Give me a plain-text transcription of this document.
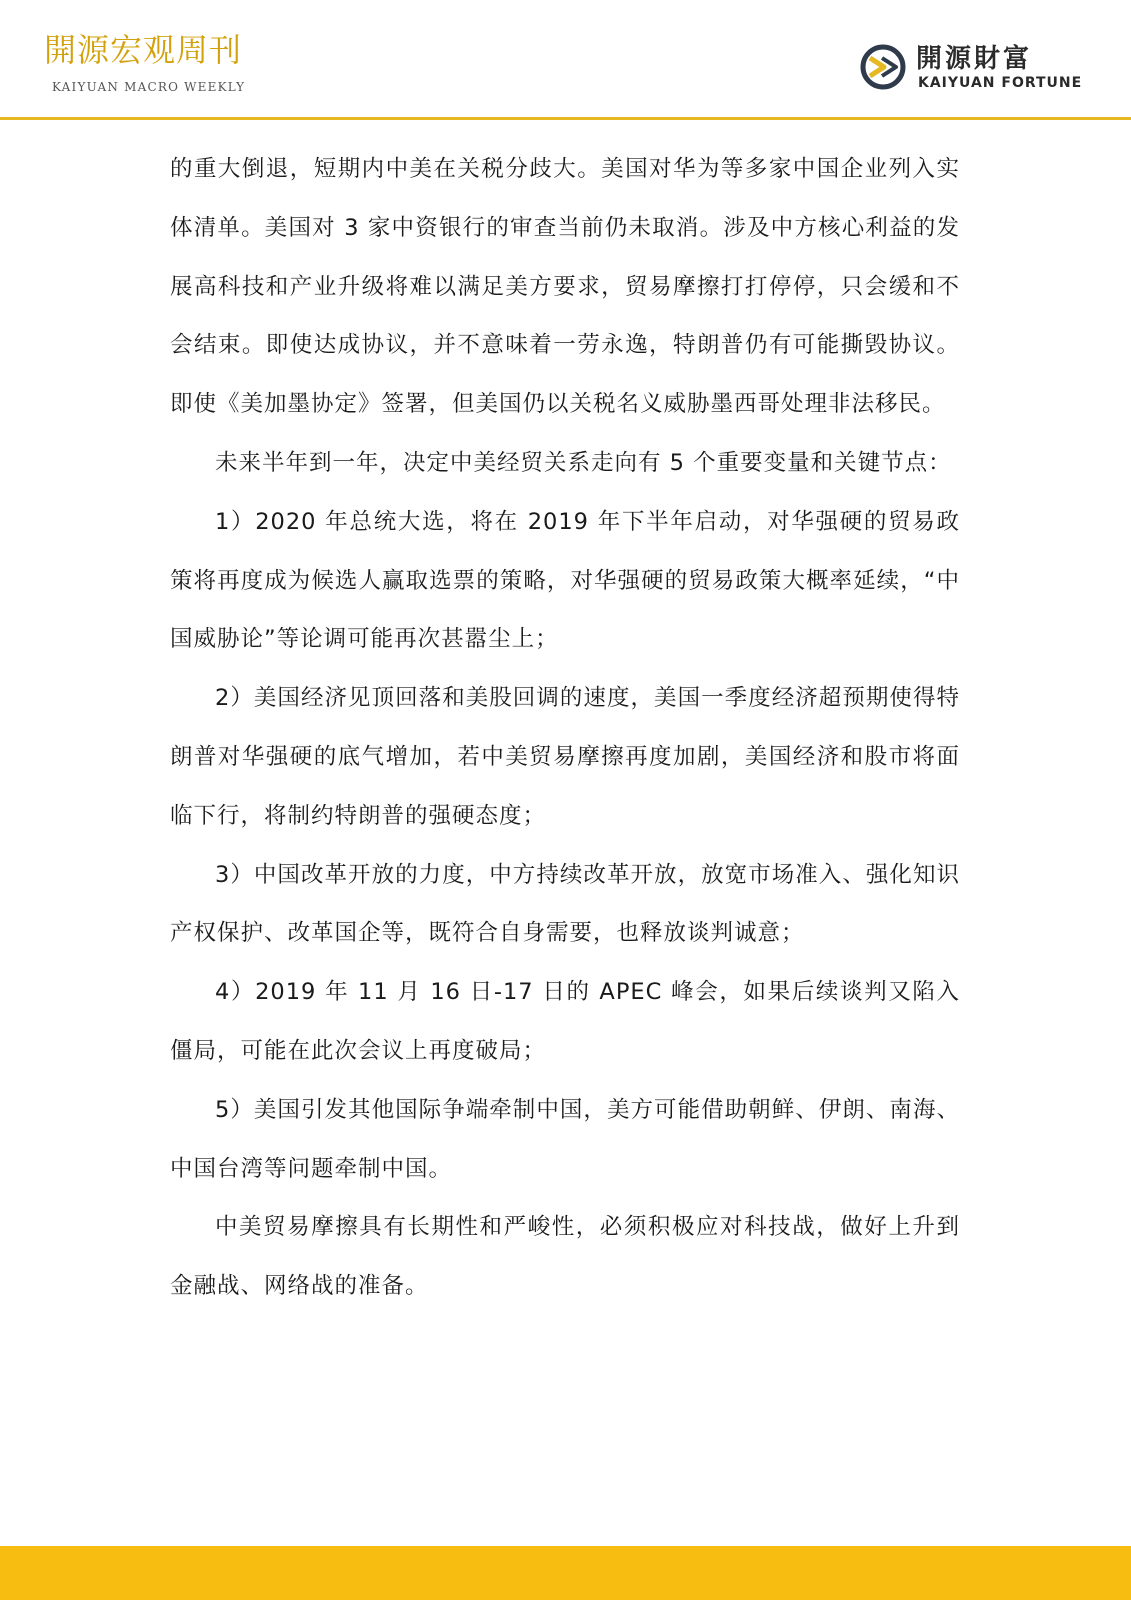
開源宏观周刊
KAIYUAN MACRO WEEKLY
開源財富
KAIYUAN FORTUNE

的重大倒退，短期内中美在关税分歧大。美国对华为等多家中国企业列入实体清单。美国对 3 家中资银行的审查当前仍未取消。涉及中方核心利益的发展高科技和产业升级将难以满足美方要求，贸易摩擦打打停停，只会缓和不会结束。即使达成协议，并不意味着一劳永逸，特朗普仍有可能撕毁协议。即使《美加墨协定》签署，但美国仍以关税名义威胁墨西哥处理非法移民。

未来半年到一年，决定中美经贸关系走向有 5 个重要变量和关键节点：

1）2020 年总统大选，将在 2019 年下半年启动，对华强硬的贸易政策将再度成为候选人赢取选票的策略，对华强硬的贸易政策大概率延续，“中国威胁论”等论调可能再次甚嚣尘上；

2）美国经济见顶回落和美股回调的速度，美国一季度经济超预期使得特朗普对华强硬的底气增加，若中美贸易摩擦再度加剧，美国经济和股市将面临下行，将制约特朗普的强硬态度；

3）中国改革开放的力度，中方持续改革开放，放宽市场准入、强化知识产权保护、改革国企等，既符合自身需要，也释放谈判诚意；

4）2019 年 11 月 16 日-17 日的 APEC 峰会，如果后续谈判又陷入僵局，可能在此次会议上再度破局；

5）美国引发其他国际争端牵制中国，美方可能借助朝鲜、伊朗、南海、中国台湾等问题牵制中国。

中美贸易摩擦具有长期性和严峻性，必须积极应对科技战，做好上升到金融战、网络战的准备。
